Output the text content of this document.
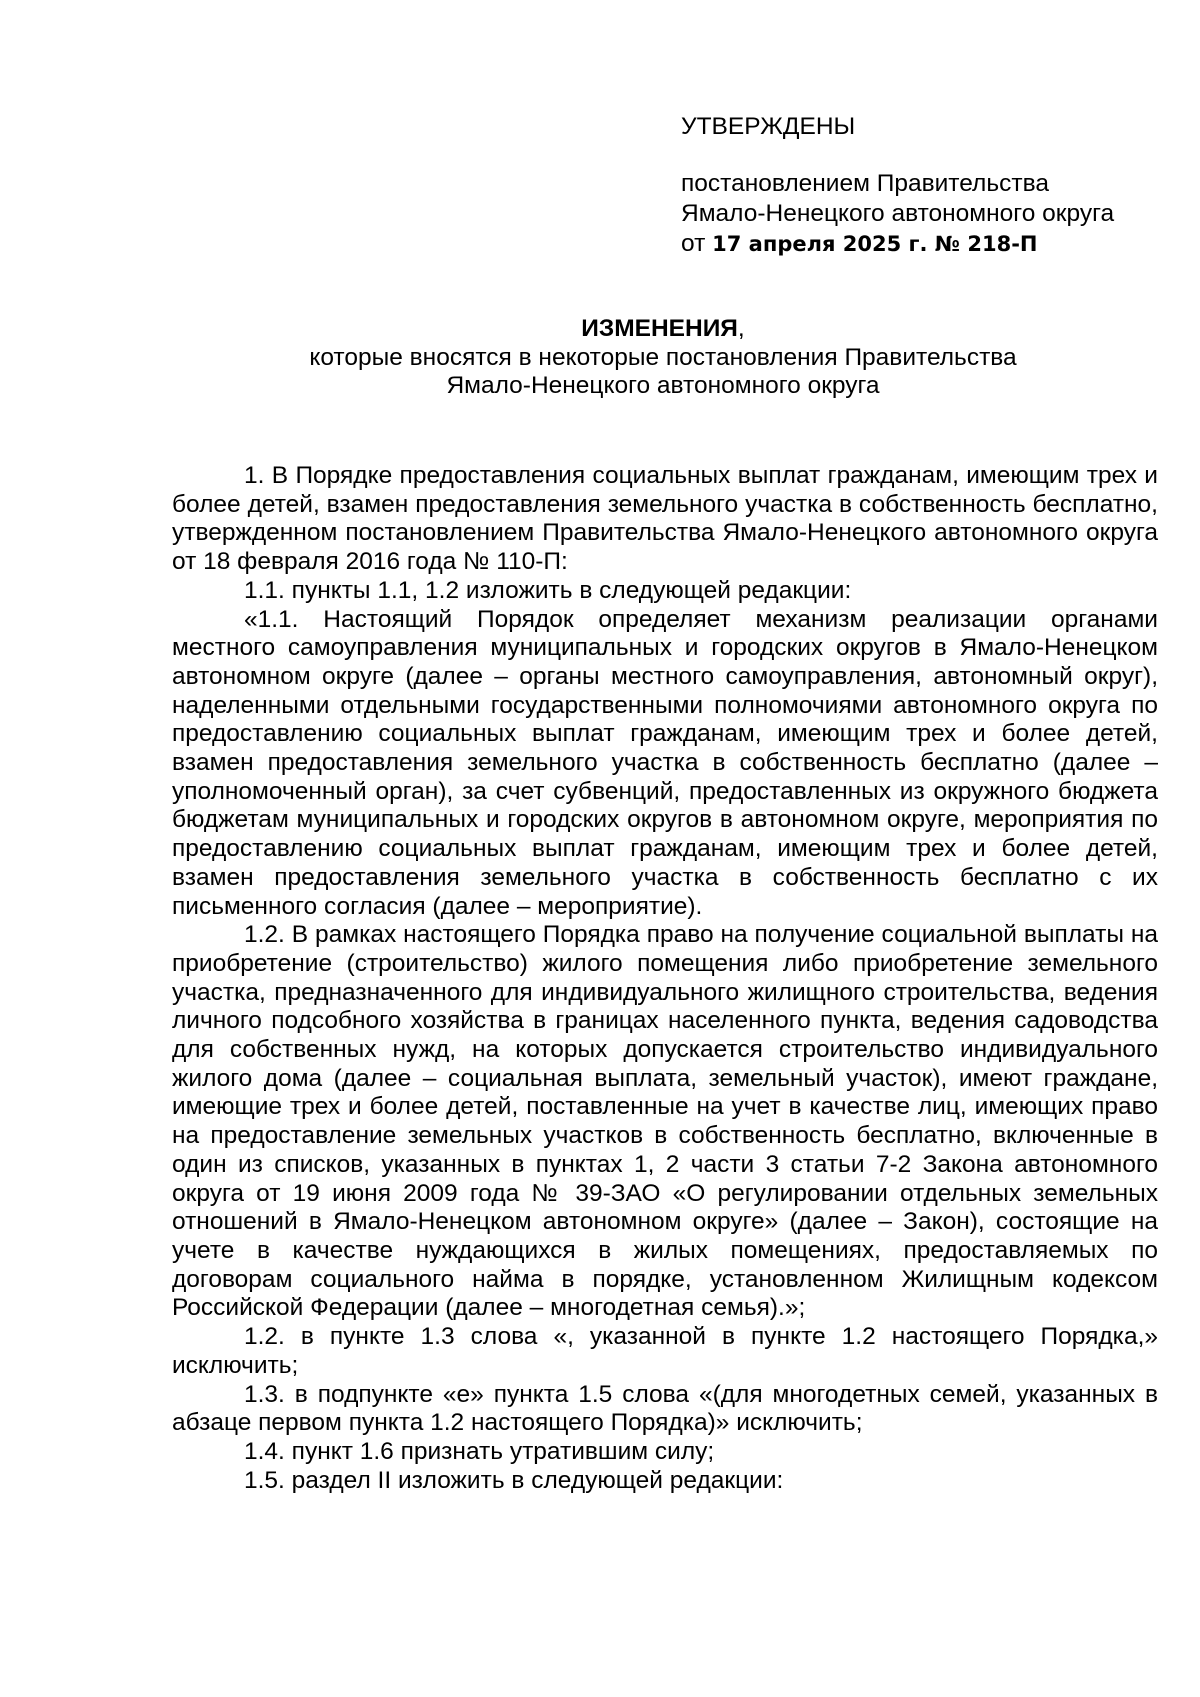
УТВЕРЖДЕНЫ
постановлением Правительства
Ямало-Ненецкого автономного округа
от 17 апреля 2025 г. № 218-П
ИЗМЕНЕНИЯ,
которые вносятся в некоторые постановления Правительства
Ямало-Ненецкого автономного округа

1. В Порядке предоставления социальных выплат гражданам, имеющим трех и более детей, взамен предоставления земельного участка в собственность бесплатно, утвержденном постановлением Правительства Ямало-Ненецкого автономного округа от 18 февраля 2016 года № 110-П:

1.1. пункты 1.1, 1.2 изложить в следующей редакции:

«1.1. Настоящий Порядок определяет механизм реализации органами местного самоуправления муниципальных и городских округов в Ямало-Ненецком автономном округе (далее – органы местного самоуправления, автономный округ), наделенными отдельными государственными полномочиями автономного округа по предоставлению социальных выплат гражданам, имеющим трех и более детей, взамен предоставления земельного участка в собственность бесплатно (далее – уполномоченный орган), за счет субвенций, предоставленных из окружного бюджета бюджетам муниципальных и городских округов в автономном округе, мероприятия по предоставлению социальных выплат гражданам, имеющим трех и более детей, взамен предоставления земельного участка в собственность бесплатно с их письменного согласия (далее – мероприятие).

1.2. В рамках настоящего Порядка право на получение социальной выплаты на приобретение (строительство) жилого помещения либо приобретение земельного участка, предназначенного для индивидуального жилищного строительства, ведения личного подсобного хозяйства в границах населенного пункта, ведения садоводства для собственных нужд, на которых допускается строительство индивидуального жилого дома (далее – социальная выплата, земельный участок), имеют граждане, имеющие трех и более детей, поставленные на учет в качестве лиц, имеющих право на предоставление земельных участков в собственность бесплатно, включенные в один из списков, указанных в пунктах 1, 2 части 3 статьи 7-2 Закона автономного округа от 19 июня 2009 года № 39-ЗАО «О регулировании отдельных земельных отношений в Ямало-Ненецком автономном округе» (далее – Закон), состоящие на учете в качестве нуждающихся в жилых помещениях, предоставляемых по договорам социального найма в порядке, установленном Жилищным кодексом Российской Федерации (далее – многодетная семья).»;

1.2. в пункте 1.3 слова «, указанной в пункте 1.2 настоящего Порядка,» исключить;

1.3. в подпункте «е» пункта 1.5 слова «(для многодетных семей, указанных в абзаце первом пункта 1.2 настоящего Порядка)» исключить;

1.4. пункт 1.6 признать утратившим силу;

1.5. раздел II изложить в следующей редакции:
